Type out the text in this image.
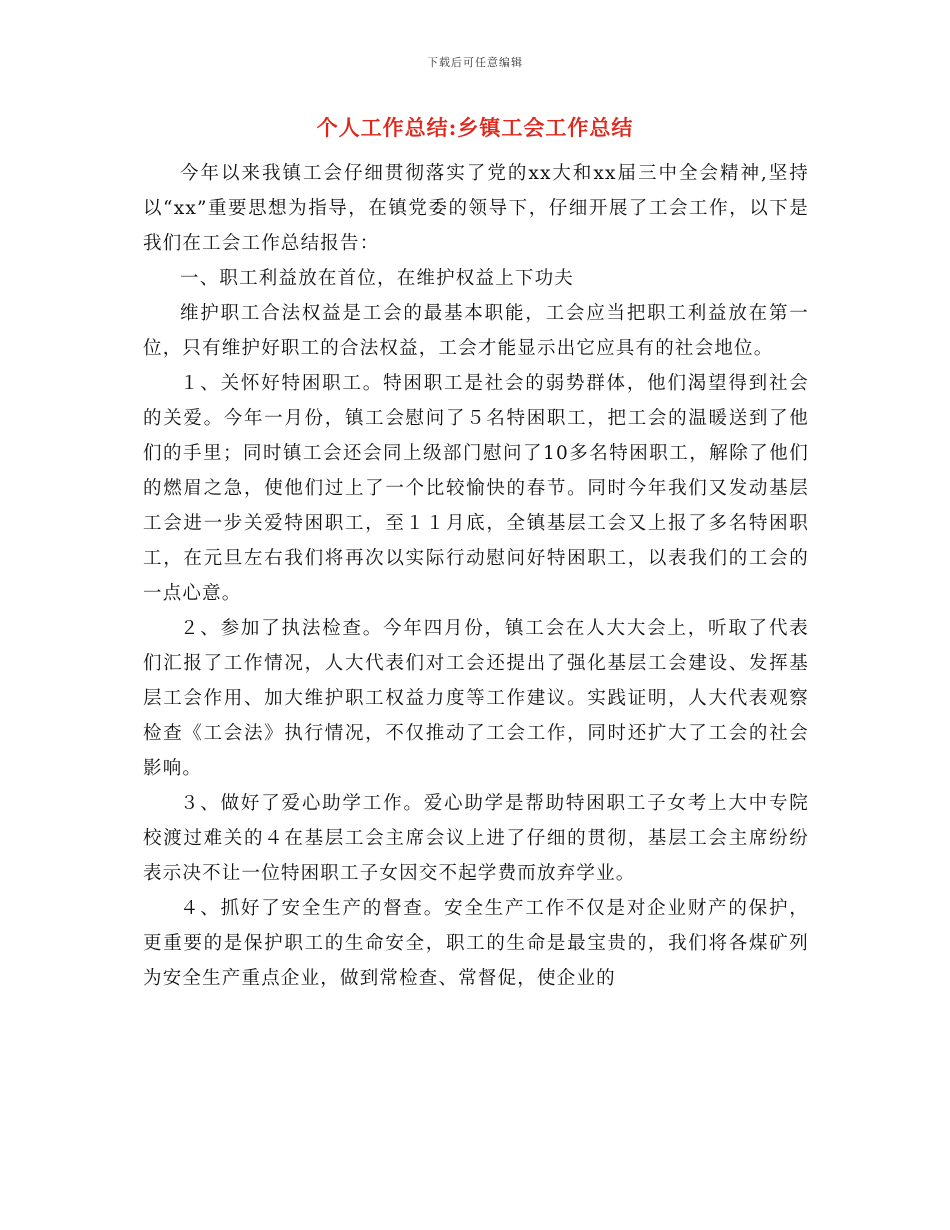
下载后可任意编辑
个人工作总结:乡镇工会工作总结

今年以来我镇工会仔细贯彻落实了党的xx大和xx届三中全会精神,坚持以“xx”重要思想为指导，在镇党委的领导下，仔细开展了工会工作，以下是我们在工会工作总结报告：

一、职工利益放在首位，在维护权益上下功夫

维护职工合法权益是工会的最基本职能，工会应当把职工利益放在第一位，只有维护好职工的合法权益，工会才能显示出它应具有的社会地位。

１、关怀好特困职工。特困职工是社会的弱势群体，他们渴望得到社会的关爱。今年一月份，镇工会慰问了５名特困职工，把工会的温暖送到了他们的手里；同时镇工会还会同上级部门慰问了10多名特困职工，解除了他们的燃眉之急，使他们过上了一个比较愉快的春节。同时今年我们又发动基层工会进一步关爱特困职工，至１１月底，全镇基层工会又上报了多名特困职工，在元旦左右我们将再次以实际行动慰问好特困职工，以表我们的工会的一点心意。

２、参加了执法检查。今年四月份，镇工会在人大大会上，听取了代表们汇报了工作情况，人大代表们对工会还提出了强化基层工会建设、发挥基层工会作用、加大维护职工权益力度等工作建议。实践证明，人大代表观察检查《工会法》执行情况，不仅推动了工会工作，同时还扩大了工会的社会影响。

３、做好了爱心助学工作。爱心助学是帮助特困职工子女考上大中专院校渡过难关的４在基层工会主席会议上进了仔细的贯彻，基层工会主席纷纷表示决不让一位特困职工子女因交不起学费而放弃学业。

４、抓好了安全生产的督查。安全生产工作不仅是对企业财产的保护，更重要的是保护职工的生命安全，职工的生命是最宝贵的，我们将各煤矿列为安全生产重点企业，做到常检查、常督促，使企业的
